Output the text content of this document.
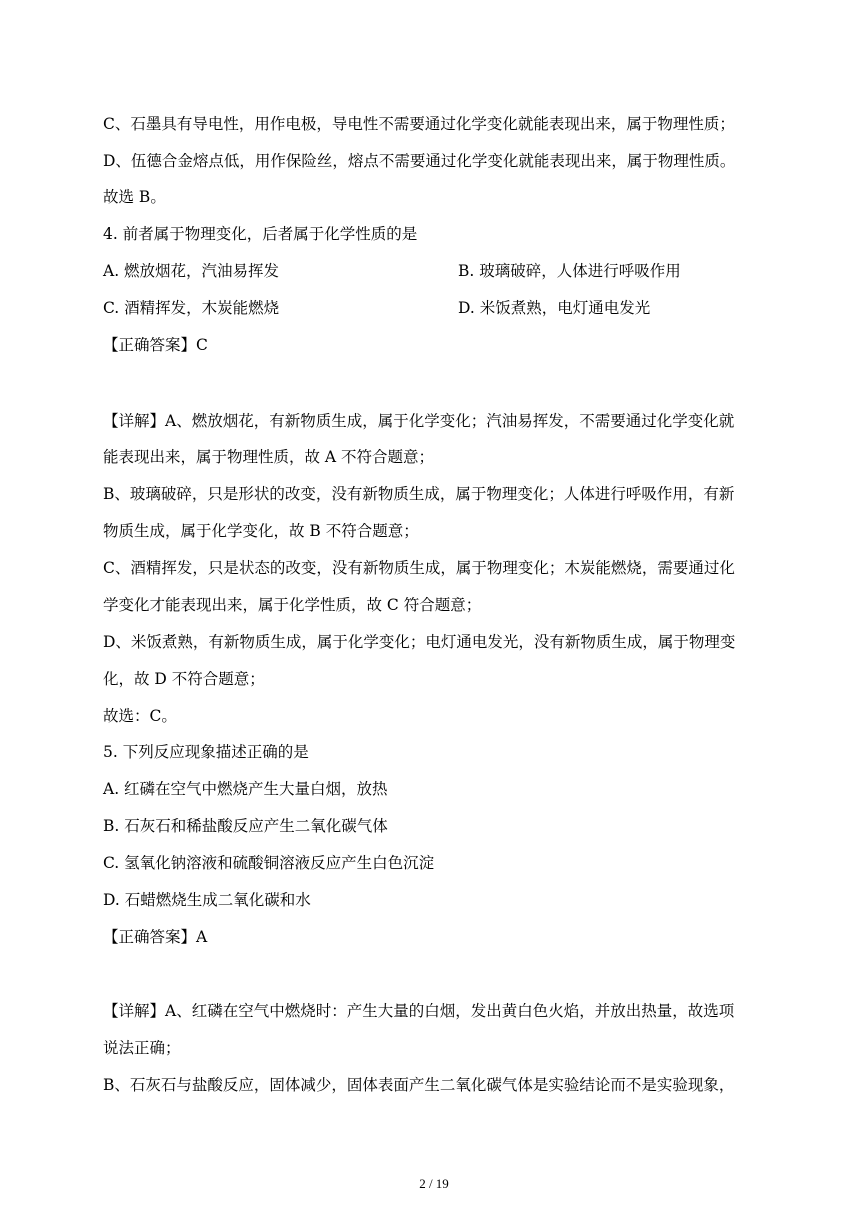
C、石墨具有导电性，用作电极，导电性不需要通过化学变化就能表现出来，属于物理性质；
D、伍德合金熔点低，用作保险丝，熔点不需要通过化学变化就能表现出来，属于物理性质。
故选 B。
4. 前者属于物理变化，后者属于化学性质的是
A. 燃放烟花，汽油易挥发	B. 玻璃破碎，人体进行呼吸作用
C. 酒精挥发，木炭能燃烧	D. 米饭煮熟，电灯通电发光
【正确答案】C
【详解】A、燃放烟花，有新物质生成，属于化学变化；汽油易挥发，不需要通过化学变化就
能表现出来，属于物理性质，故 A 不符合题意；
B、玻璃破碎，只是形状的改变，没有新物质生成，属于物理变化；人体进行呼吸作用，有新
物质生成，属于化学变化，故 B 不符合题意；
C、酒精挥发，只是状态的改变，没有新物质生成，属于物理变化；木炭能燃烧，需要通过化
学变化才能表现出来，属于化学性质，故 C 符合题意；
D、米饭煮熟，有新物质生成，属于化学变化；电灯通电发光，没有新物质生成，属于物理变
化，故 D 不符合题意；
故选：C。
5. 下列反应现象描述正确的是
A. 红磷在空气中燃烧产生大量白烟，放热
B. 石灰石和稀盐酸反应产生二氧化碳气体
C. 氢氧化钠溶液和硫酸铜溶液反应产生白色沉淀
D. 石蜡燃烧生成二氧化碳和水
【正确答案】A
【详解】A、红磷在空气中燃烧时：产生大量的白烟，发出黄白色火焰，并放出热量，故选项
说法正确；
B、石灰石与盐酸反应，固体减少，固体表面产生二氧化碳气体是实验结论而不是实验现象，
2 / 19
